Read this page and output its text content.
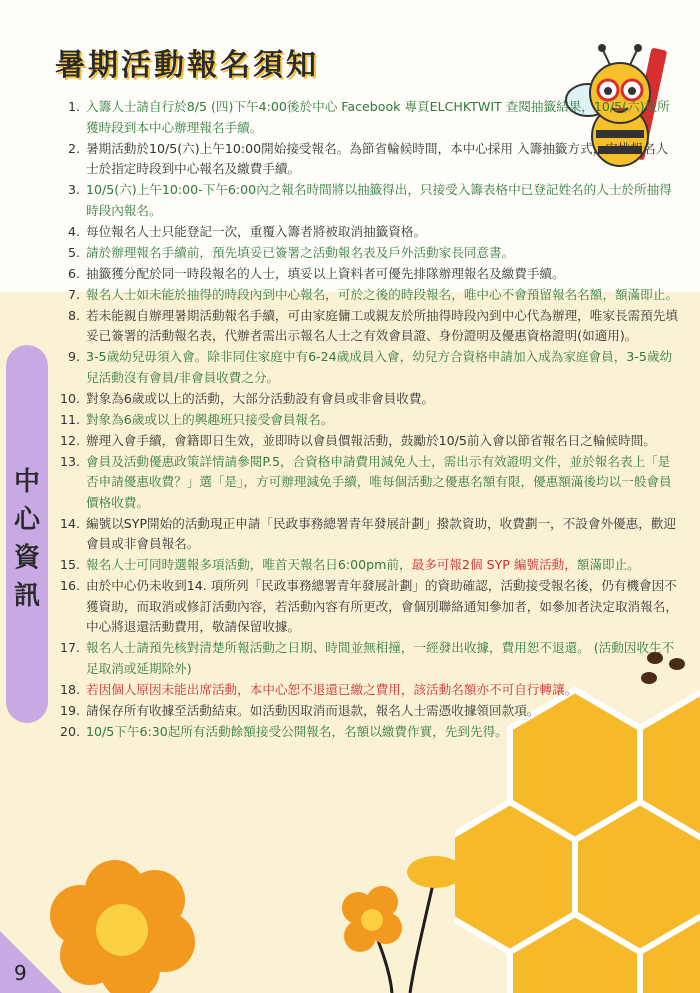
暑期活動報名須知
中
心
資
訊
1. 入籌人士請自行於8/5 (四)下午4:00後於中心 Facebook 專頁ELCHKTWIT 查閱抽籤結果，10/5(六)按所獲時段到本中心辦理報名手續。
2. 暑期活動於10/5(六)上午10:00開始接受報名。為節省輪候時間，本中心採用 入籌抽籤方式，安排報名人士於指定時段到中心報名及繳費手續。
3. 10/5(六)上午10:00-下午6:00內之報名時間將以抽籤得出，只接受入籌表格中已登記姓名的人士於所抽得時段內報名。
4. 每位報名人士只能登記一次，重覆入籌者將被取消抽籤資格。
5. 請於辦理報名手續前，預先填妥已簽署之活動報名表及戶外活動家長同意書。
6. 抽籤獲分配於同一時段報名的人士，填妥以上資料者可優先排隊辦理報名及繳費手續。
7. 報名人士如未能於抽得的時段內到中心報名，可於之後的時段報名，唯中心不會預留報名名額，額滿即止。
8. 若未能親自辦理暑期活動報名手續，可由家庭傭工或親友於所抽得時段內到中心代為辦理，唯家長需預先填妥已簽署的活動報名表，代辦者需出示報名人士之有效會員證、身份證明及優惠資格證明(如適用)。
9. 3-5歲幼兒毋須入會。除非同住家庭中有6-24歲成員入會，幼兒方合資格申請加入成為家庭會員，3-5歲幼兒活動沒有會員/非會員收費之分。
10. 對象為6歲或以上的活動，大部分活動設有會員或非會員收費。
11. 對象為6歲或以上的興趣班只接受會員報名。
12. 辦理入會手續，會籍即日生效，並即時以會員價報活動，鼓勵於10/5前入會以節省報名日之輪候時間。
13. 會員及活動優惠政策詳情請參閱P.5，合資格申請費用減免人士，需出示有效證明文件，並於報名表上「是否申請優惠收費？」選「是」，方可辦理減免手續，唯每個活動之優惠名額有限，優惠額滿後均以一般會員價格收費。
14. 編號以SYP開始的活動現正申請「民政事務總署青年發展計劃」撥款資助，收費劃一，不設會外優惠，歡迎會員或非會員報名。
15. 報名人士可同時選報多項活動，唯首天報名日6:00pm前，最多可報2個 SYP 編號活動，額滿即止。
16. 由於中心仍未收到14. 項所列「民政事務總署青年發展計劃」的資助確認，活動接受報名後，仍有機會因不獲資助，而取消或修訂活動內容，若活動內容有所更改，會個別聯絡通知參加者，如參加者決定取消報名，中心將退還活動費用，敬請保留收據。
17. 報名人士請預先核對清楚所報活動之日期、時間並無相撞，一經發出收據，費用恕不退還。 (活動因收生不足取消或延期除外)
18. 若因個人原因未能出席活動，本中心恕不退還已繳之費用，該活動名額亦不可自行轉讓。
19. 請保存所有收據至活動結束。如活動因取消而退款，報名人士需憑收據領回款項。
20. 10/5下午6:30起所有活動餘額接受公開報名，名額以繳費作實，先到先得。
9
